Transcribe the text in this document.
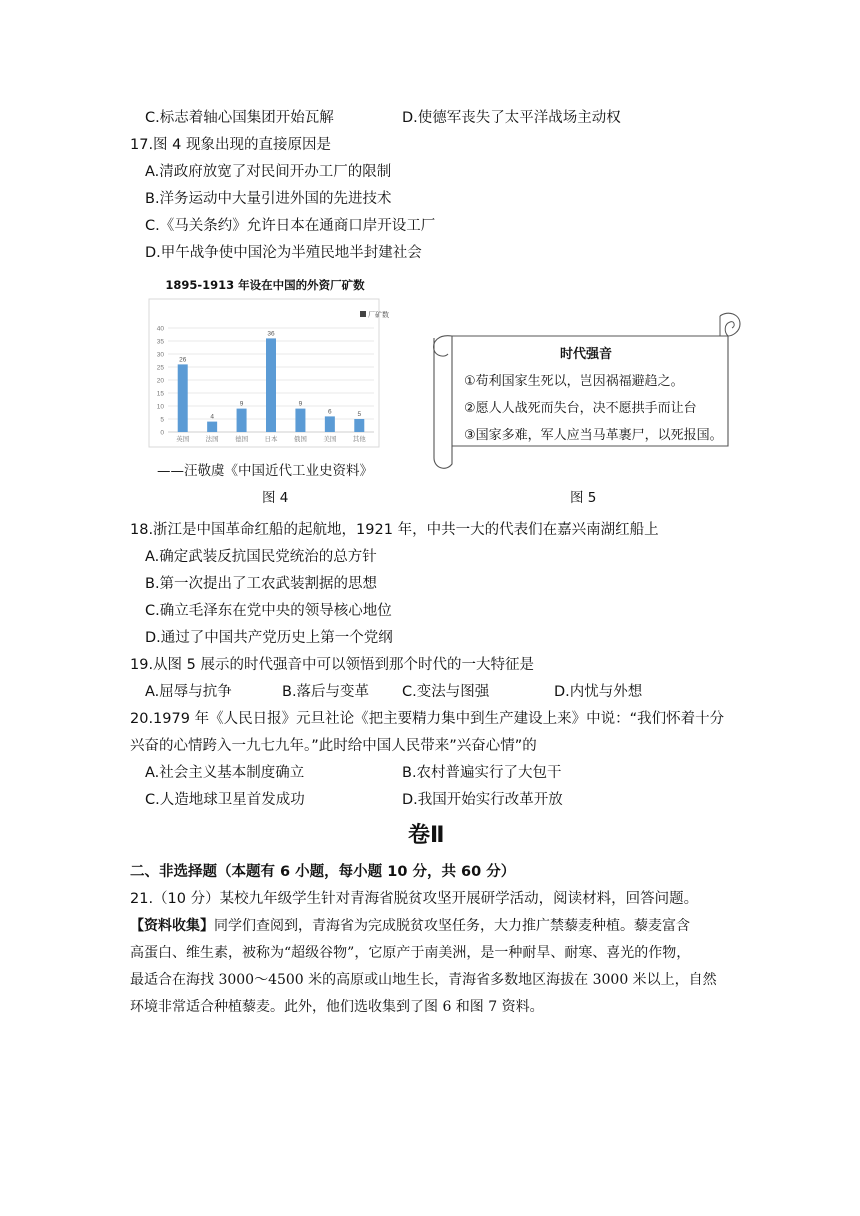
C.标志着轴心国集团开始瓦解	D.使德军丧失了太平洋战场主动权
17.图 4 现象出现的直接原因是
A.清政府放宽了对民间开办工厂的限制
B.洋务运动中大量引进外国的先进技术
C.《马关条约》允许日本在通商口岸开设工厂
D.甲午战争使中国沦为半殖民地半封建社会
1895-1913 年设在中国的外资厂矿数
0
5
10
15
20
25
30
35
40
厂矿数
26
英国
4
法国
9
德国
36
日本
9
俄国
6
美国
5
其他
——汪敬虞《中国近代工业史资料》
图 4
时代强音
①苟利国家生死以，岂因祸福避趋之。
②愿人人战死而失台，决不愿拱手而让台
③国家多难，军人应当马革裹尸，以死报国。
图 5
18.浙江是中国革命红船的起航地，1921 年，中共一大的代表们在嘉兴南湖红船上
A.确定武装反抗国民党统治的总方针
B.第一次提出了工农武装割据的思想
C.确立毛泽东在党中央的领导核心地位
D.通过了中国共产党历史上第一个党纲
19.从图 5 展示的时代强音中可以领悟到那个时代的一大特征是
A.屈辱与抗争	B.落后与变革 C.变法与图强	D.内忧与外想
20.1979 年《人民日报》元旦社论《把主要精力集中到生产建设上来》中说：“我们怀着十分
兴奋的心情跨入一九七九年。”此时给中国人民带来”兴奋心情”的
A.社会主义基本制度确立	B.农村普遍实行了大包干
C.人造地球卫星首发成功	D.我国开始实行改革开放
卷Ⅱ
二、非选择题（本题有 6 小题，每小题 10 分，共 60 分）
21.（10 分）某校九年级学生针对青海省脱贫攻坚开展研学活动，阅读材料，回答问题。
【资料收集】同学们查阅到，青海省为完成脱贫攻坚任务，大力推广禁藜麦种植。藜麦富含
高蛋白、维生素，被称为“超级谷物”，它原产于南美洲，是一种耐旱、耐寒、喜光的作物，
最适合在海找 3000～4500 米的高原或山地生长，青海省多数地区海拔在 3000 米以上，自然
环境非常适合种植藜麦。此外，他们选收集到了图 6 和图 7 资料。
